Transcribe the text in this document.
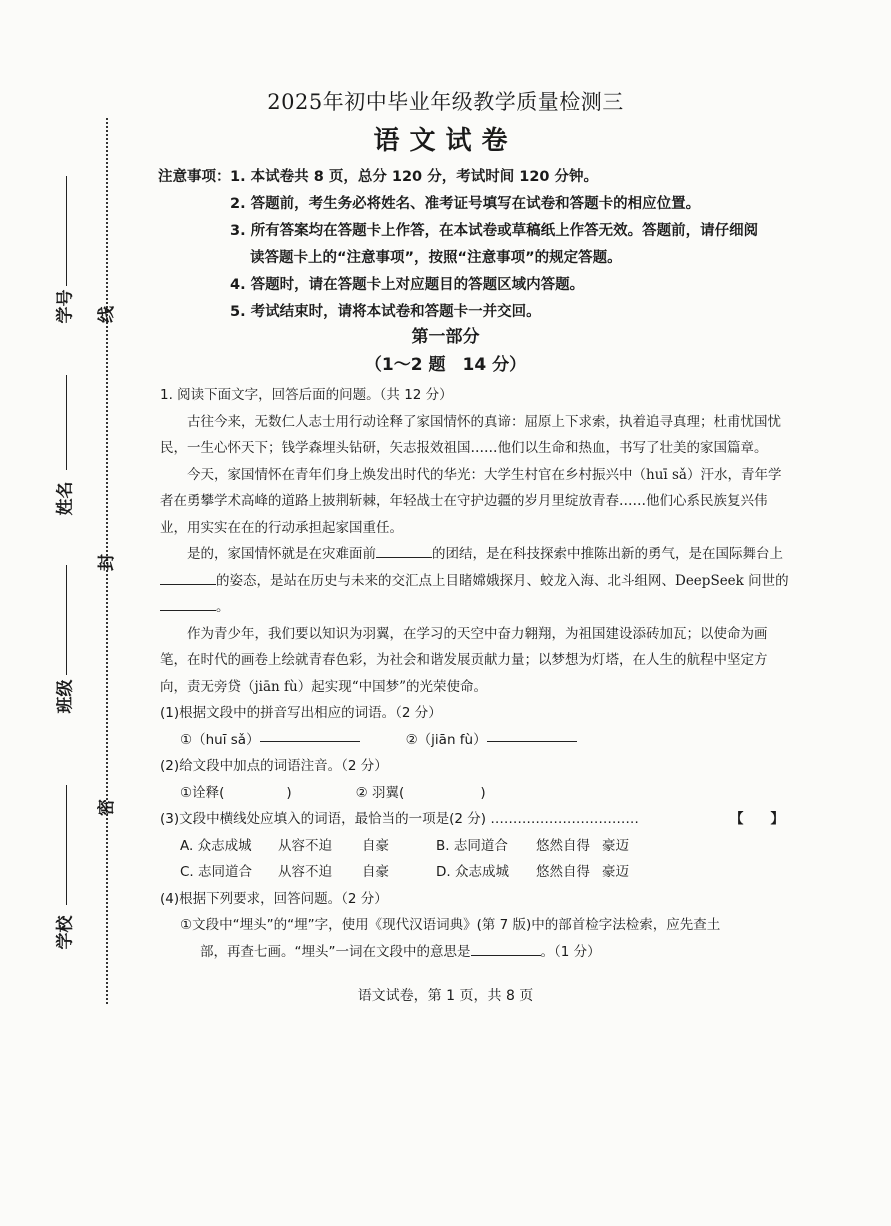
学号
姓名
班级
学校
线
封
密
2025年初中毕业年级教学质量检测三
语文试卷
注意事项： 1. 本试卷共 8 页，总分 120 分，考试时间 120 分钟。
2. 答题前，考生务必将姓名、准考证号填写在试卷和答题卡的相应位置。
3. 所有答案均在答题卡上作答，在本试卷或草稿纸上作答无效。答题前，请仔细阅
读答题卡上的“注意事项”，按照“注意事项”的规定答题。
4. 答题时，请在答题卡上对应题目的答题区域内答题。
5. 考试结束时，请将本试卷和答题卡一并交回。
第一部分
（1～2 题　14 分）

1. 阅读下面文字，回答后面的问题。（共 12 分）

古往今来，无数仁人志士用行动诠释了家国情怀的真谛：屈原上下求索，执着追寻真理；杜甫忧国忧民，一生心怀天下；钱学森埋头钻研，矢志报效祖国……他们以生命和热血，书写了壮美的家国篇章。

今天，家国情怀在青年们身上焕发出时代的华光：大学生村官在乡村振兴中（huī sǎ）汗水，青年学者在勇攀学术高峰的道路上披荆斩棘，年轻战士在守护边疆的岁月里绽放青春……他们心系民族复兴伟业，用实实在在的行动承担起家国重任。

是的，家国情怀就是在灾难面前	的团结，是在科技探索中推陈出新的勇气，是在国际舞台上的姿态，是站在历史与未来的交汇点上目睹嫦娥探月、蛟龙入海、北斗组网、DeepSeek 问世的。

作为青少年，我们要以知识为羽翼，在学习的天空中奋力翱翔，为祖国建设添砖加瓦；以使命为画笔，在时代的画卷上绘就青春色彩，为社会和谐发展贡献力量；以梦想为灯塔，在人生的航程中坚定方向，责无旁贷（jiān fù）起实现“中国梦”的光荣使命。

(1)根据文段中的拼音写出相应的词语。（2 分）

①（huī sǎ）	②（jiān fù）

(2)给文段中加点的词语注音。（2 分）

①诠释(	)	② 羽翼(	)
(3)文段中横线处应填入的词语，最恰当的一项是(2 分) ……………………………	【　　】
A. 众志成城	从容不迫	自豪	B. 志同道合	悠然自得 豪迈
C. 志同道合	从容不迫	自豪	D. 众志成城	悠然自得 豪迈

(4)根据下列要求，回答问题。（2 分）

①文段中“埋头”的“埋”字，使用《现代汉语词典》(第 7 版)中的部首检字法检索，应先查土

部，再查七画。“埋头”一词在文段中的意思是	。（1 分）

语文试卷，第 1 页，共 8 页
